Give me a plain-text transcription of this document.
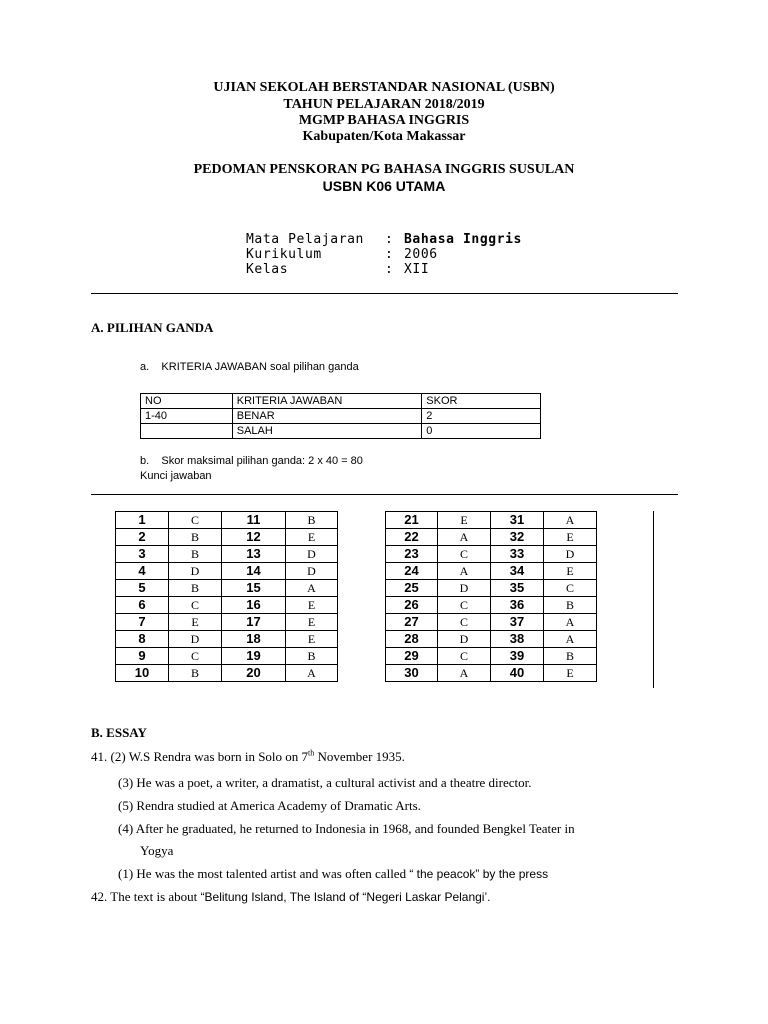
UJIAN SEKOLAH BERSTANDAR NASIONAL (USBN)
TAHUN PELAJARAN 2018/2019
MGMP BAHASA INGGRIS
Kabupaten/Kota Makassar
PEDOMAN PENSKORAN PG BAHASA INGGRIS SUSULAN
USBN K06 UTAMA
Mata Pelajaran : Bahasa Inggris
Kurikulum	: 2006
Kelas	: XII
A. PILIHAN GANDA
a. KRITERIA JAWABAN soal pilihan ganda
NO	KRITERIA JAWABAN	SKOR
1-40	BENAR	2
	SALAH	0
b. Skor maksimal pilihan ganda: 2 x 40 = 80
Kunci jawaban
1	C	11	B
2	B	12	E
3	B	13	D
4	D	14	D
5	B	15	A
6	C	16	E
7	E	17	E
8	D	18	E
9	C	19	B
10	B	20	A
21	E	31	A
22	A	32	E
23	C	33	D
24	A	34	E
25	D	35	C
26	C	36	B
27	C	37	A
28	D	38	A
29	C	39	B
30	A	40	E
B. ESSAY
41. (2) W.S Rendra was born in Solo on 7th November 1935.
(3) He was a poet, a writer, a dramatist, a cultural activist and a theatre director.
(5) Rendra studied at America Academy of Dramatic Arts.
(4) After he graduated, he returned to Indonesia in 1968, and founded Bengkel Teater in
Yogya
(1) He was the most talented artist and was often called “ the peacok” by the press
42. The text is about “Belitung Island, The Island of “Negeri Laskar Pelangi’.
